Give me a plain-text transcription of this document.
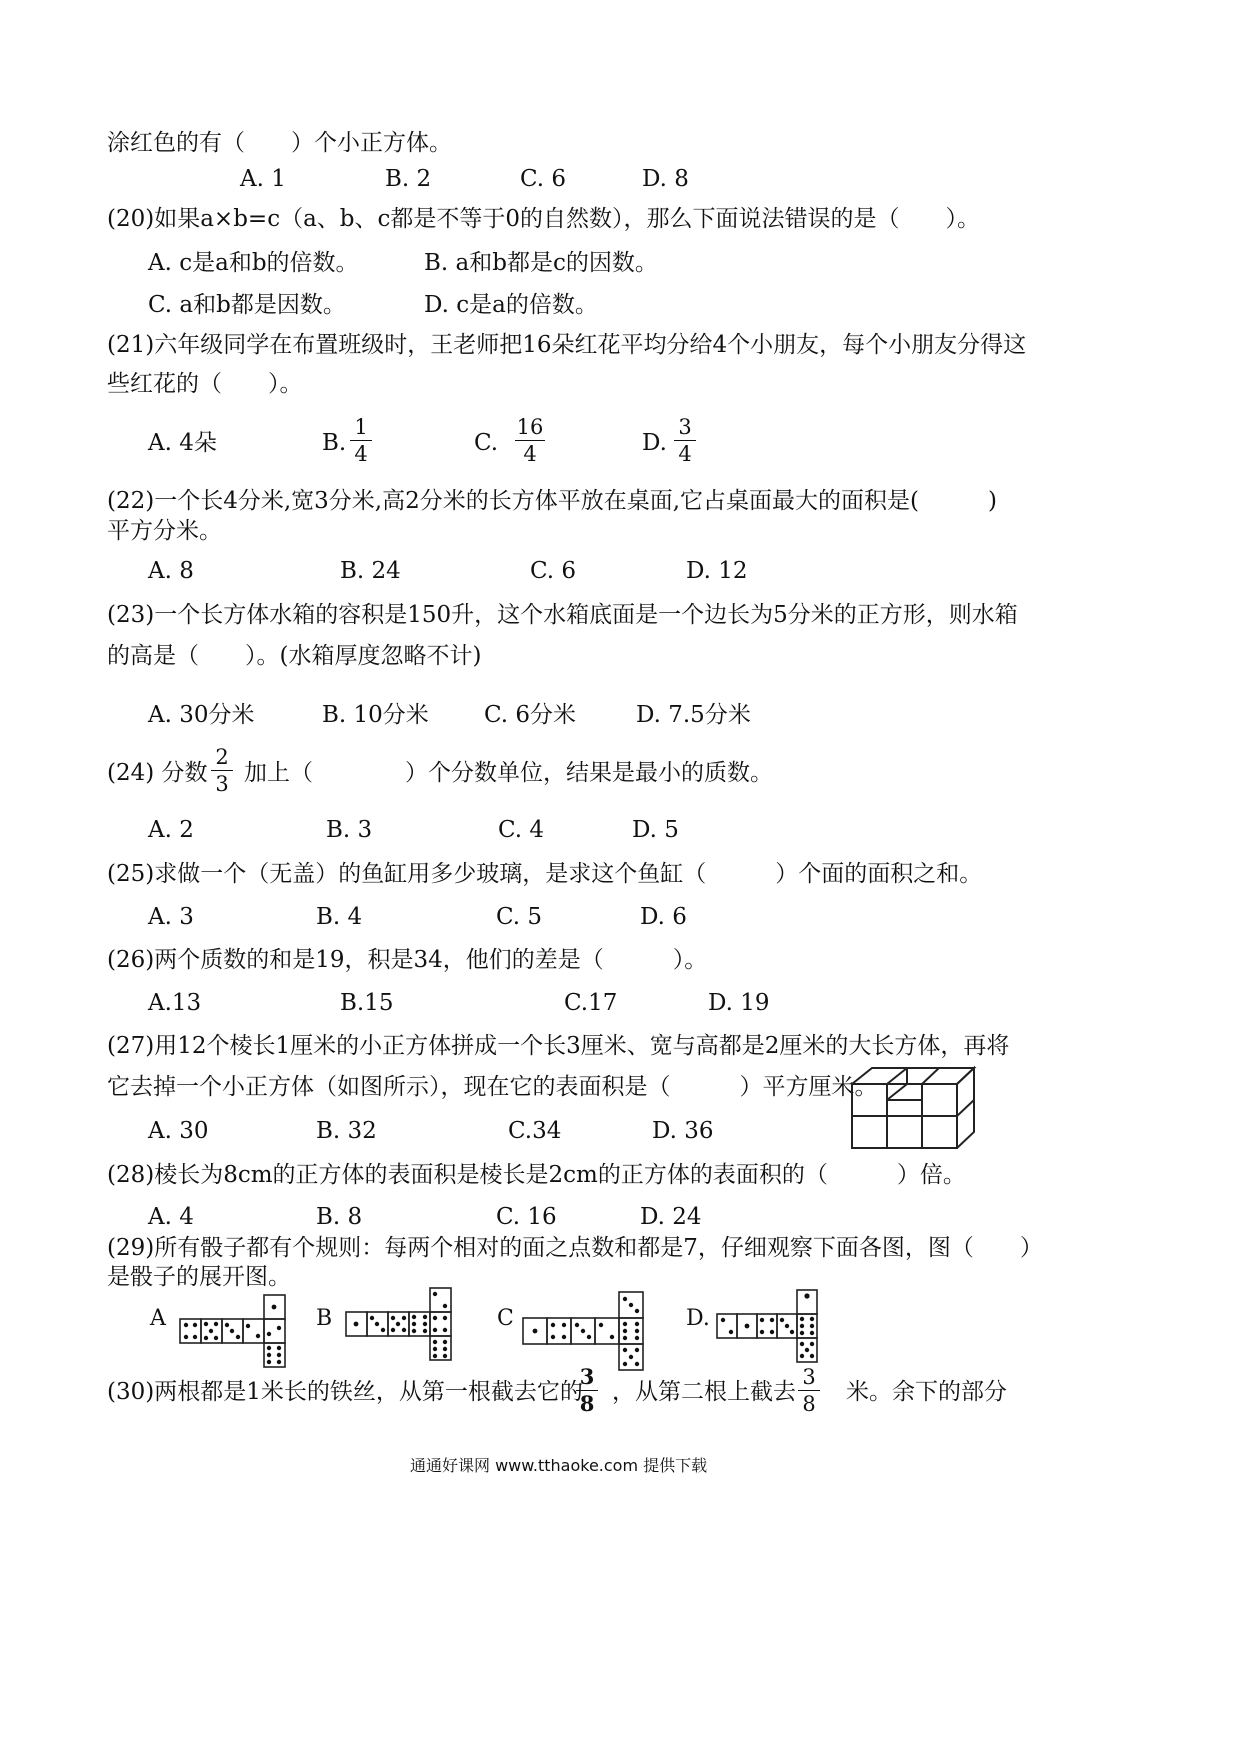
涂红色的有（　　）个小正方体。
A. 1	B. 2	C. 6	D. 8
(20)如果a×b=c（a、b、c都是不等于0的自然数），那么下面说法错误的是（　　）。
A. c是a和b的倍数。	B. a和b都是c的因数。
C. a和b都是因数。	D. c是a的倍数。
(21)六年级同学在布置班级时，王老师把16朵红花平均分给4个小朋友，每个小朋友分得这
些红花的（　　）。
A. 4朵	B.
1
4	C.
16
4	D.
3
4
(22)一个长4分米,宽3分米,高2分米的长方体平放在桌面,它占桌面最大的面积是(　　　)
平方分米。
A. 8	B. 24	C. 6	D. 12
(23)一个长方体水箱的容积是150升，这个水箱底面是一个边长为5分米的正方形，则水箱
的高是（　　）。(水箱厚度忽略不计)
A. 30分米	B. 10分米 C. 6分米	D. 7.5分米
(24) 分数
2
3 加上（　　　　）个分数单位，结果是最小的质数。
A. 2	B. 3	C. 4	D. 5
(25)求做一个（无盖）的鱼缸用多少玻璃，是求这个鱼缸（　　　）个面的面积之和。
A. 3	B. 4	C. 5	D. 6
(26)两个质数的和是19，积是34，他们的差是（　　　）。
A.13	B.15	C.17	D. 19
(27)用12个棱长1厘米的小正方体拼成一个长3厘米、宽与高都是2厘米的大长方体，再将
它去掉一个小正方体（如图所示），现在它的表面积是（　　　）平方厘米。
A. 30	B. 32	C.34	D. 36
(28)棱长为8cm的正方体的表面积是棱长是2cm的正方体的表面积的（　　　）倍。
A. 4	B. 8	C. 16	D. 24
(29)所有骰子都有个规则：每两个相对的面之点数和都是7，仔细观察下面各图，图（　　）
是骰子的展开图。
A	B	C	D.
(30)两根都是1米长的铁丝，从第一根截去它的
3
8 ，从第二根上截去
3
8 米。余下的部分
通通好课网 www.tthaoke.com 提供下载
